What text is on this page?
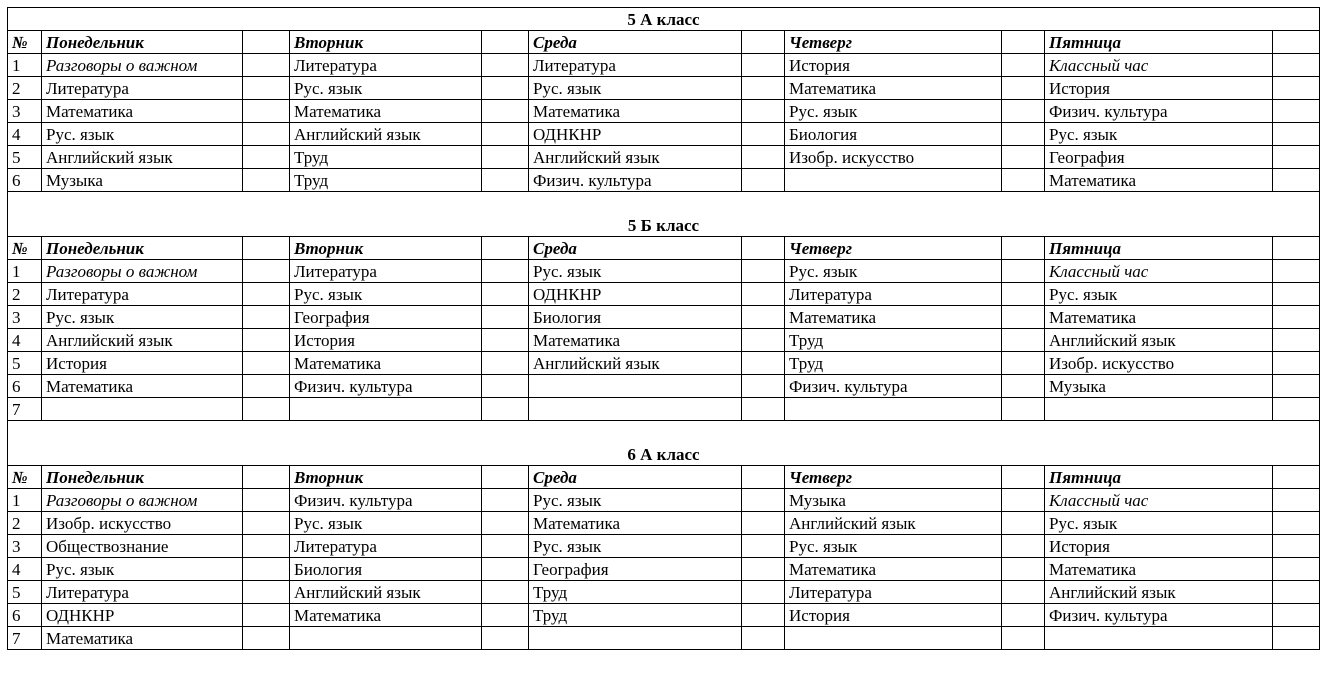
5 А класс										
№	Понедельник		Вторник		Среда		Четверг		Пятница	
1	Разговоры о важном		Литература		Литература		История		Классный час	
2	Литература		Рус. язык		Рус. язык		Математика		История	
3	Математика		Математика		Математика		Рус. язык		Физич. культура	
4	Рус. язык		Английский язык		ОДНКНР		Биология		Рус. язык	
5	Английский язык		Труд		Английский язык		Изобр. искусство		География	
6	Музыка		Труд		Физич. культура				Математика	

5 Б класс										
№	Понедельник		Вторник		Среда		Четверг		Пятница	
1	Разговоры о важном		Литература		Рус. язык		Рус. язык		Классный час	
2	Литература		Рус. язык		ОДНКНР		Литература		Рус. язык	
3	Рус. язык		География		Биология		Математика		Математика	
4	Английский язык		История		Математика		Труд		Английский язык	
5	История		Математика		Английский язык		Труд		Изобр. искусство	
6	Математика		Физич. культура				Физич. культура		Музыка	
7										

6 А класс										
№	Понедельник		Вторник		Среда		Четверг		Пятница	
1	Разговоры о важном		Физич. культура		Рус. язык		Музыка		Классный час	
2	Изобр. искусство		Рус. язык		Математика		Английский язык		Рус. язык	
3	Обществознание		Литература		Рус. язык		Рус. язык		История	
4	Рус. язык		Биология		География		Математика		Математика	
5	Литература		Английский язык		Труд		Литература		Английский язык	
6	ОДНКНР		Математика		Труд		История		Физич. культура	
7	Математика									
